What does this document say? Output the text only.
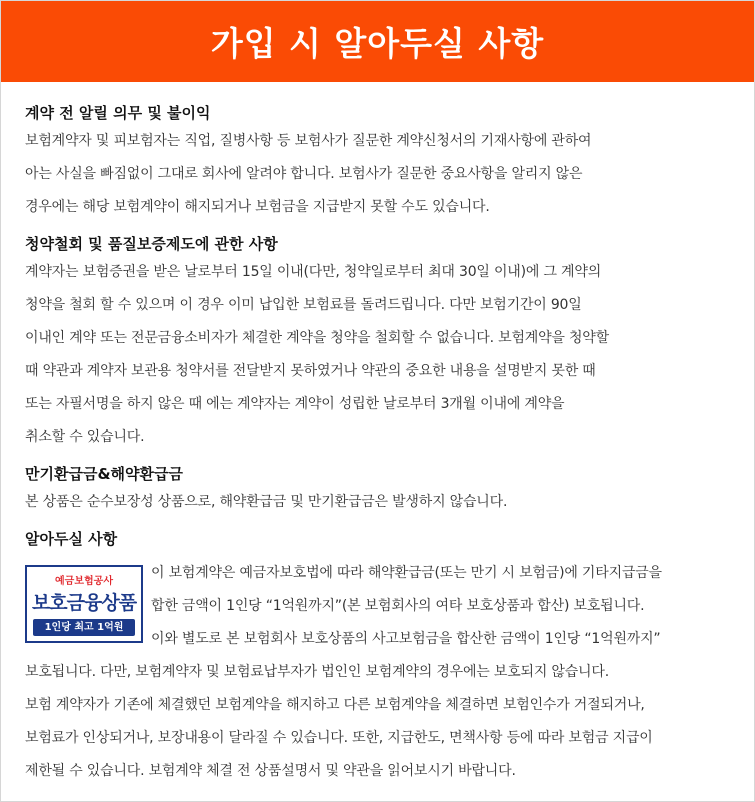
가입 시 알아두실 사항

계약 전 알릴 의무 및 불이익

보험계약자 및 피보험자는 직업, 질병사항 등 보험사가 질문한 계약신청서의 기재사항에 관하여
아는 사실을 빠짐없이 그대로 회사에 알려야 합니다. 보험사가 질문한 중요사항을 알리지 않은
경우에는 해당 보험계약이 해지되거나 보험금을 지급받지 못할 수도 있습니다.

청약철회 및 품질보증제도에 관한 사항

계약자는 보험증권을 받은 날로부터 15일 이내(다만, 청약일로부터 최대 30일 이내)에 그 계약의
청약을 철회 할 수 있으며 이 경우 이미 납입한 보험료를 돌려드립니다. 다만 보험기간이 90일
이내인 계약 또는 전문금융소비자가 체결한 계약을 청약을 철회할 수 없습니다. 보험계약을 청약할
때 약관과 계약자 보관용 청약서를 전달받지 못하였거나 약관의 중요한 내용을 설명받지 못한 때
또는 자필서명을 하지 않은 때 에는 계약자는 계약이 성립한 날로부터 3개월 이내에 계약을
취소할 수 있습니다.

만기환급금&해약환급금

본 상품은 순수보장성 상품으로, 해약환급금 및 만기환급금은 발생하지 않습니다.

알아두실 사항

예금보험공사
보호금융상품
1인당 최고 1억원

이 보험계약은 예금자보호법에 따라 해약환급금(또는 만기 시 보험금)에 기타지급금을
합한 금액이 1인당 “1억원까지”(본 보험회사의 여타 보호상품과 합산) 보호됩니다.
이와 별도로 본 보험회사 보호상품의 사고보험금을 합산한 금액이 1인당 “1억원까지”
보호됩니다. 다만, 보험계약자 및 보험료납부자가 법인인 보험계약의 경우에는 보호되지 않습니다.
보험 계약자가 기존에 체결했던 보험계약을 해지하고 다른 보험계약을 체결하면 보험인수가 거절되거나,
보험료가 인상되거나, 보장내용이 달라질 수 있습니다. 또한, 지급한도, 면책사항 등에 따라 보험금 지급이
제한될 수 있습니다. 보험계약 체결 전 상품설명서 및 약관을 읽어보시기 바랍니다.
